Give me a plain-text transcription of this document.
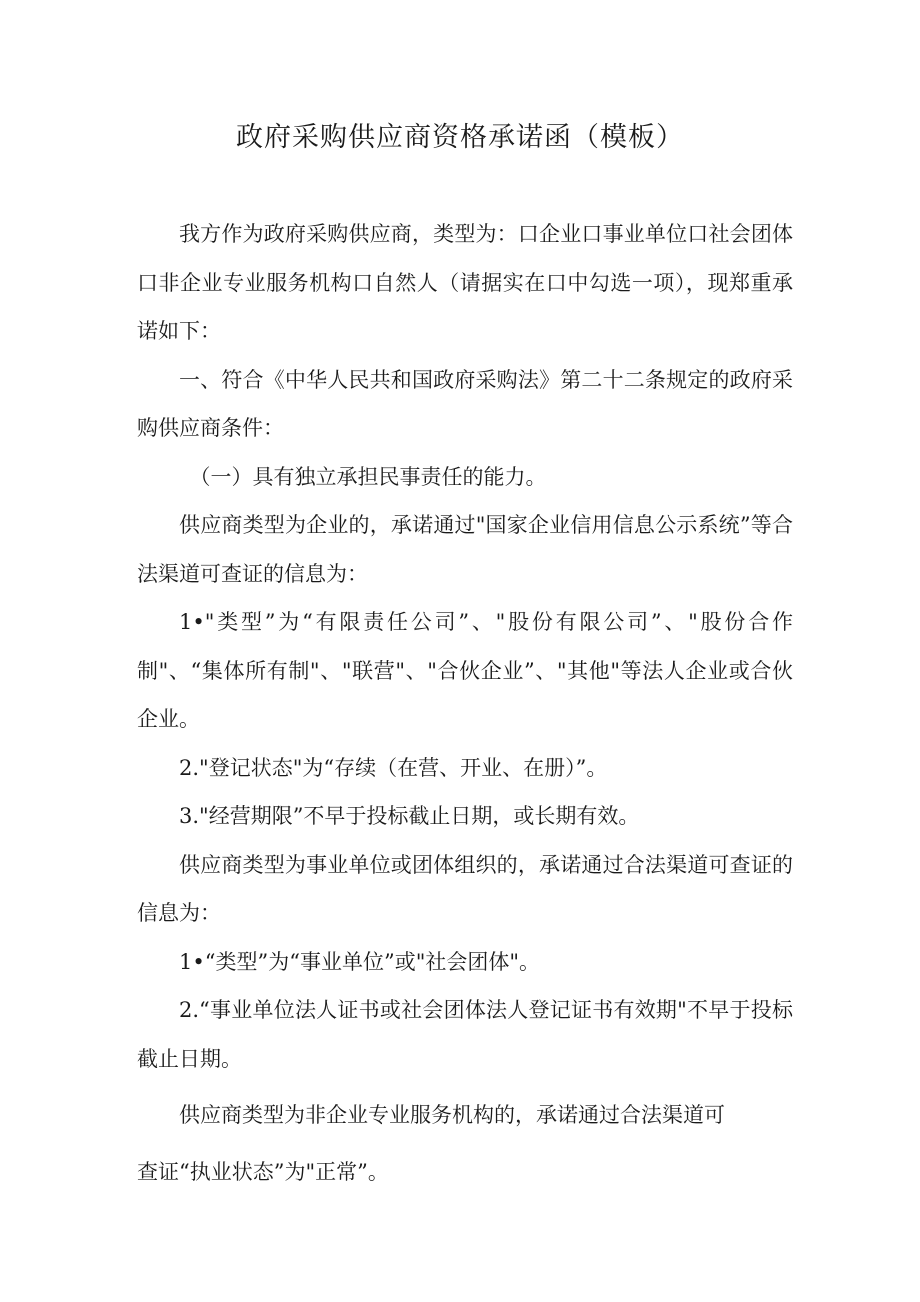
政府采购供应商资格承诺函（模板）

我方作为政府采购供应商，类型为：口企业口事业单位口社会团体口非企业专业服务机构口自然人（请据实在口中勾选一项），现郑重承诺如下：

一、符合《中华人民共和国政府采购法》第二十二条规定的政府采购供应商条件：

（一）具有独立承担民事责任的能力。

供应商类型为企业的，承诺通过"国家企业信用信息公示系统”等合法渠道可查证的信息为：

1•"类型”为“有限责任公司”、"股份有限公司”、"股份合作制"、“集体所有制"、"联营"、"合伙企业”、"其他"等法人企业或合伙企业。

2."登记状态"为“存续（在营、开业、在册）”。

3."经营期限”不早于投标截止日期，或长期有效。

供应商类型为事业单位或团体组织的，承诺通过合法渠道可查证的信息为：

1•“类型”为“事业单位”或"社会团体"。

2.“事业单位法人证书或社会团体法人登记证书有效期"不早于投标截止日期。

供应商类型为非企业专业服务机构的，承诺通过合法渠道可

查证“执业状态”为"正常”。
